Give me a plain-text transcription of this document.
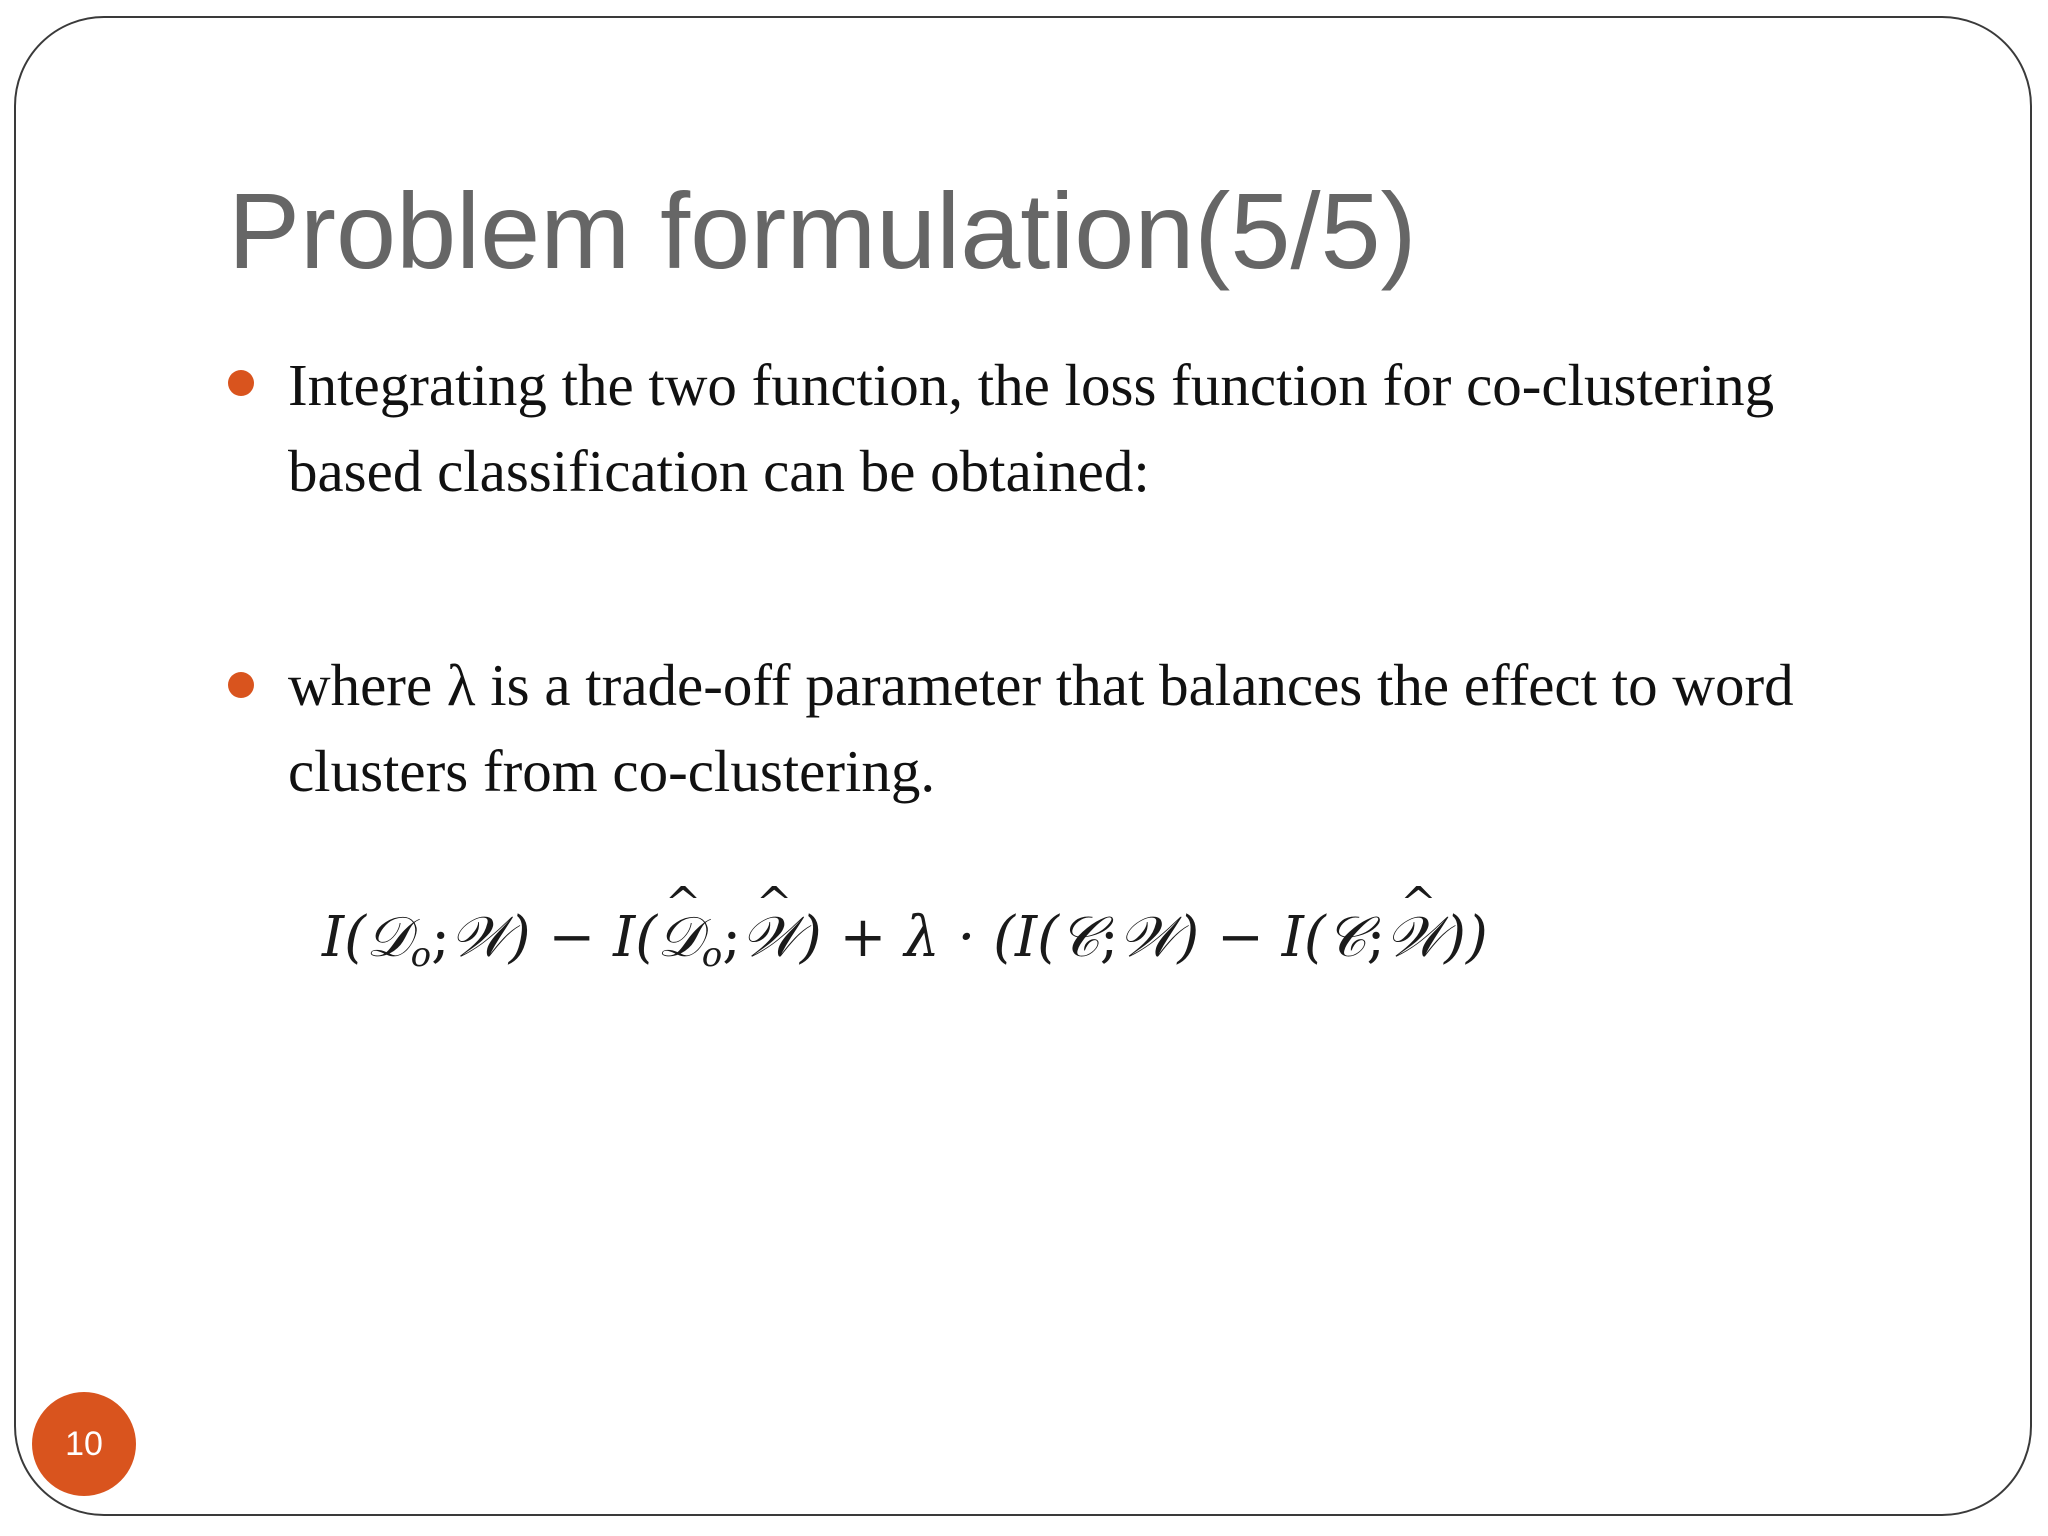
Problem formulation(5/5)
Integrating the two function, the loss function for co-clustering based classification can be obtained:
where λ is a trade-off parameter that balances the effect to word clusters from co-clustering.
I(𝒟$_o$;𝒲) − I(^ 𝒟$_o$;^ 𝒲) + λ · (I(𝒞;𝒲) − I(𝒞;^ 𝒲))
10
